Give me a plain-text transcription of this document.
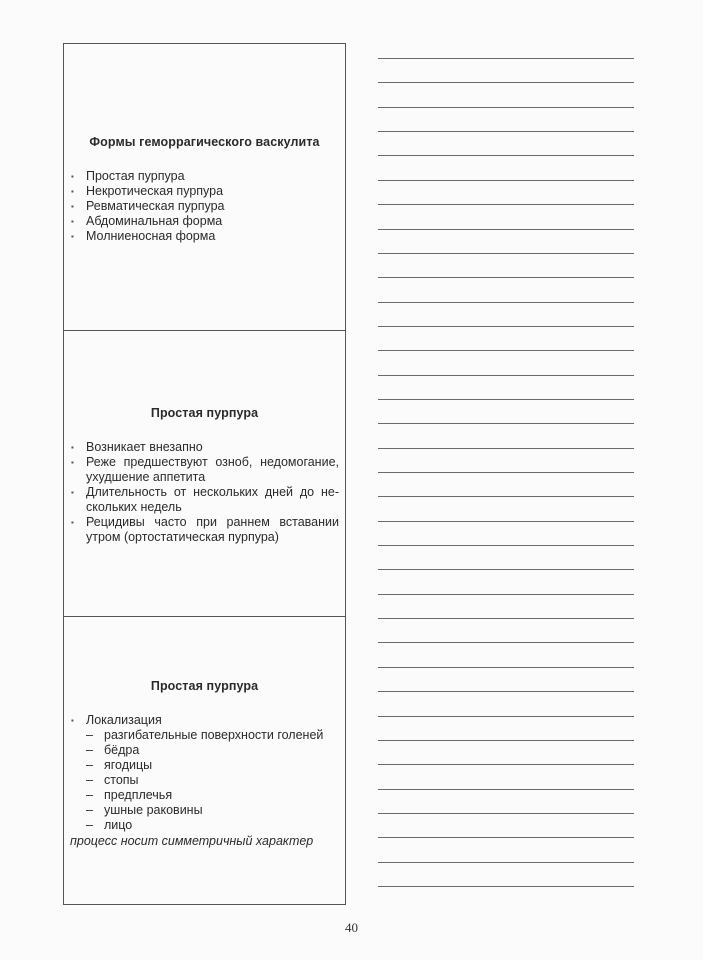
Формы геморрагического васкулита
▪ Простая пурпура
▪ Некротическая пурпура
▪ Ревматическая пурпура
▪ Абдоминальная форма
▪ Молниеносная форма
Простая пурпура
▪ Возникает внезапно
▪ Реже предшествуют озноб, недомогание, ухудшение аппетита
▪ Длительность от нескольких дней до не-скольких недель
▪ Рецидивы часто при раннем вставании утром (ортостатическая пурпура)
Простая пурпура
▪ Локализация
– разгибательные поверхности голеней
– бёдра
– ягодицы
– стопы
– предплечья
– ушные раковины
– лицо
процесс носит симметричный характер
40
